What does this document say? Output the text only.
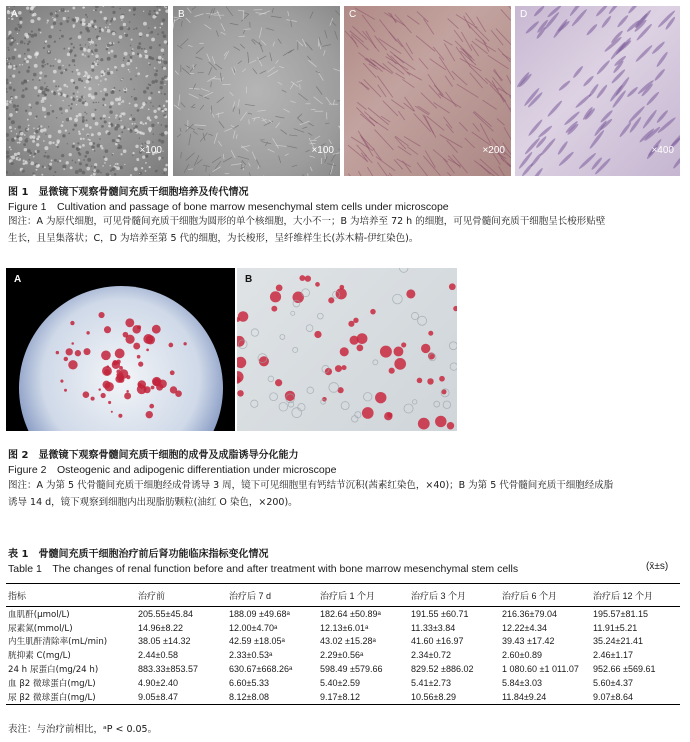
A
×100
B
×100
C
×200
D
×400
图 1　显微镜下观察骨髓间充质干细胞培养及传代情况
Figure 1　Cultivation and passage of bone marrow mesenchymal stem cells under microscope
图注：A 为原代细胞，可见骨髓间充质干细胞为圆形的单个核细胞，大小不一；B 为培养至 72 h 的细胞，可见骨髓间充质干细胞呈长梭形贴壁
生长，且呈集落状；C，D 为培养至第 5 代的细胞，为长梭形，呈纤维样生长(苏木精-伊红染色)。
A	B
图 2　显微镜下观察骨髓间充质干细胞的成骨及成脂诱导分化能力
Figure 2　Osteogenic and adipogenic differentiation under microscope
图注：A 为第 5 代骨髓间充质干细胞经成骨诱导 3 周，镜下可见细胞里有钙结节沉积(茜素红染色，×40)；B 为第 5 代骨髓间充质干细胞经成脂
诱导 14 d，镜下观察到细胞内出现脂肪颗粒(油红 O 染色，×200)。
表 1　骨髓间充质干细胞治疗前后肾功能临床指标变化情况
Table 1　The changes of renal function before and after treatment with bone marrow mesenchymal stem cells	(x̄±s)
指标	治疗前	治疗后 7 d	治疗后 1 个月	治疗后 3 个月	治疗后 6 个月	治疗后 12 个月
血肌酐(μmol/L)	205.55±45.84	188.09 ±49.68ᵃ	182.64 ±50.89ᵃ	191.55 ±60.71	216.36±79.04	195.57±81.15
尿素氮(mmol/L)	14.96±8.22	12.00±4.70ᵃ	12.13±6.01ᵃ	11.33±3.84	12.22±4.34	11.91±5.21
内生肌酐清除率(mL/min)	38.05 ±14.32	42.59 ±18.05ᵃ	43.02 ±15.28ᵃ	41.60 ±16.97	39.43 ±17.42	35.24±21.41
胱抑素 C(mg/L)	2.44±0.58	2.33±0.53ᵃ	2.29±0.56ᵃ	2.34±0.72	2.60±0.89	2.46±1.17
24 h 尿蛋白(mg/24 h)	883.33±853.57	630.67±668.26ᵃ	598.49 ±579.66	829.52 ±886.02	1 080.60 ±1 011.07	952.66 ±569.61
血 β2 微球蛋白(mg/L)	4.90±2.40	6.60±5.33	5.40±2.59	5.41±2.73	5.84±3.03	5.60±4.37
尿 β2 微球蛋白(mg/L)	9.05±8.47	8.12±8.08	9.17±8.12	10.56±8.29	11.84±9.24	9.07±8.64
表注：与治疗前相比，ᵃP < 0.05。
